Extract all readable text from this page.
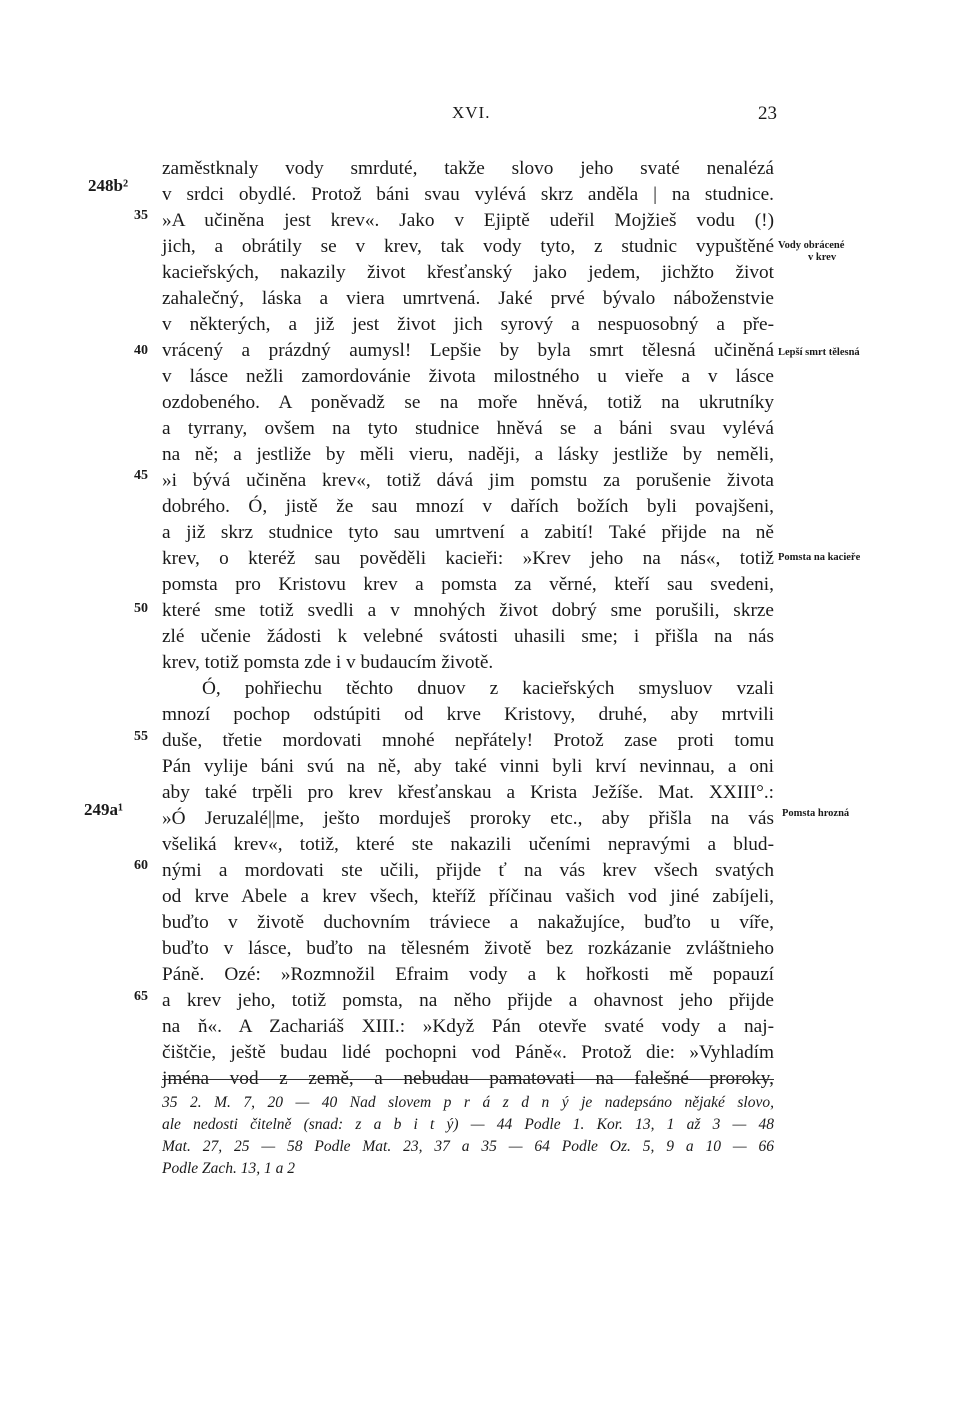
XVI.	23
248b²
249a¹
35
40
45
50
55
60
65
Vody obrácené
v krev
Lepší smrt tělesná
Pomsta na kacieře
Pomsta hrozná
zaměstknaly vody smrduté, takže slovo jeho svaté nenalézá
v srdci obydlé. Protož báni svau vylévá skrz anděla | na studnice.
»A učiněna jest krev«. Jako v Ejiptě udeřil Mojžieš vodu (!)
jich, a obrátily se v krev, tak vody tyto, z studnic vypuštěné
kacieřských, nakazily život křesťanský jako jedem, jichžto život
zahalečný, láska a viera umrtvená. Jaké prvé bývalo náboženstvie
v některých, a již jest život jich syrový a nespuosobný a pře-
vrácený a prázdný aumysl! Lepšie by byla smrt tělesná učiněná
v lásce nežli zamordovánie života milostného u vieře a v lásce
ozdobeného. A poněvadž se na moře hněvá, totiž na ukrutníky
a tyrrany, ovšem na tyto studnice hněvá se a báni svau vylévá
na ně; a jestliže by měli vieru, naději, a lásky jestliže by neměli,
»i bývá učiněna krev«, totiž dává jim pomstu za porušenie života
dobrého. Ó, jistě že sau mnozí v dařích božích byli povajšeni,
a již skrz studnice tyto sau umrtvení a zabití! Také přijde na ně
krev, o kteréž sau pověděli kacieři: »Krev jeho na nás«, totiž
pomsta pro Kristovu krev a pomsta za věrné, kteří sau svedeni,
které sme totiž svedli a v mnohých život dobrý sme porušili, skrze
zlé učenie žádosti k velebné svátosti uhasili sme; i přišla na nás
krev, totiž pomsta zde i v budaucím životě.
Ó, pohřiechu těchto dnuov z kacieřských smysluov vzali
mnozí pochop odstúpiti od krve Kristovy, druhé, aby mrtvili
duše, třetie mordovati mnohé nepřátely! Protož zase proti tomu
Pán vylije báni svú na ně, aby také vinni byli krví nevinnau, a oni
aby také trpěli pro krev křesťanskau a Krista Ježíše. Mat. XXIII°.:
»Ó Jeruzalé||me, ješto morduješ proroky etc., aby přišla na vás
všeliká krev«, totiž, které ste nakazili učeními nepravými a blud-
nými a mordovati ste učili, přijde ť na vás krev všech svatých
od krve Abele a krev všech, kteříž příčinau vašich vod jiné zabíjeli,
buďto v životě duchovním tráviece a nakažujíce, buďto u víře,
buďto v lásce, buďto na tělesném životě bez rozkázanie zvláštnieho
Páně. Ozé: »Rozmnožil Efraim vody a k hořkosti mě popauzí
a krev jeho, totiž pomsta, na něho přijde a ohavnost jeho přijde
na ň«. A Zachariáš XIII.: »Když Pán otevře svaté vody a naj-
čištčie, ještě budau lidé pochopni vod Páně«. Protož die: »Vyhladím
jména vod z země, a nebudau pamatovati na falešné proroky,
35 2. M. 7, 20 — 40 Nad slovem p r á z d n ý je nadepsáno nějaké slovo,
ale nedosti čitelně (snad: z a b i t ý) — 44 Podle 1. Kor. 13, 1 až 3 — 48
Mat. 27, 25 — 58 Podle Mat. 23, 37 a 35 — 64 Podle Oz. 5, 9 a 10 — 66
Podle Zach. 13, 1 a 2
